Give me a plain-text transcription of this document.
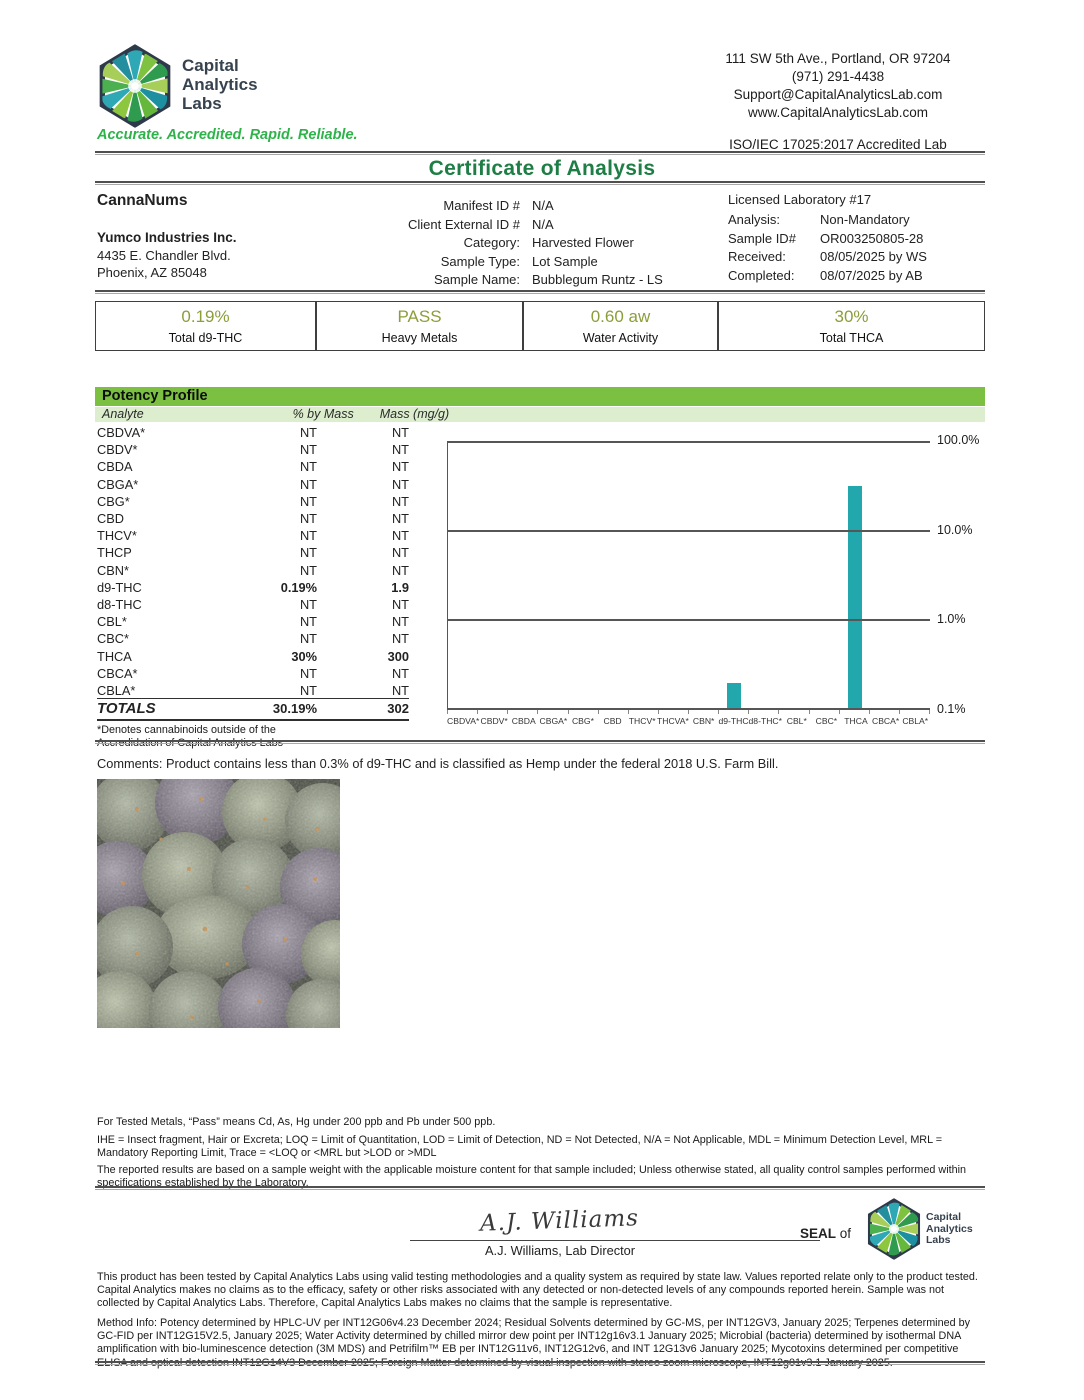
Capital
Analytics
Labs
111 SW 5th Ave., Portland, OR 97204
(971) 291-4438
Support@CapitalAnalyticsLab.com
www.CapitalAnalyticsLab.com
Accurate. Accredited. Rapid. Reliable.
ISO/IEC 17025:2017 Accredited Lab
Certificate of Analysis
CannaNums
Yumco Industries Inc.
4435 E. Chandler Blvd.
Phoenix, AZ 85048
Manifest ID # N/A
Client External ID # N/A
Category: Harvested Flower
Sample Type: Lot Sample
Sample Name: Bubblegum Runtz - LS
Licensed Laboratory #17
Analysis:	Non-Mandatory
Sample ID#	OR003250805-28
Received:	08/05/2025 by WS
Completed:	08/07/2025 by AB
0.19%
Total d9-THC
PASS
Heavy Metals
0.60 aw
Water Activity
30%
Total THCA
Potency Profile
Analyte	% by Mass Mass (mg/g)
CBDVA*	NT	NT
CBDV*	NT	NT
CBDA	NT	NT
CBGA*	NT	NT
CBG*	NT	NT
CBD	NT	NT
THCV*	NT	NT
THCP	NT	NT
CBN*	NT	NT
d9-THC	0.19%	1.9
d8-THC	NT	NT
CBL*	NT	NT
CBC*	NT	NT
THCA	30%	300
CBCA*	NT	NT
CBLA*	NT	NT
TOTALS	30.19%	302
*Denotes cannabinoids outside of the Accredidation of Capital Analytics Labs
100.0%
10.0%
1.0%
0.1%
CBDVA* CBDV* CBDA CBGA* CBG*	CBD THCV* THCVA* CBN* d9-THC d8-THC* CBL*	CBC* THCA CBCA* CBLA*
Comments: Product contains less than 0.3% of d9-THC and is classified as Hemp under the federal 2018 U.S. Farm Bill.
For Tested Metals, “Pass” means Cd, As, Hg under 200 ppb and Pb under 500 ppb.
IHE = Insect fragment, Hair or Excreta; LOQ = Limit of Quantitation, LOD = Limit of Detection, ND = Not Detected, N/A = Not Applicable, MDL = Minimum Detection Level, MRL = Mandatory Reporting Limit, Trace = <LOQ or <MRL but >LOD or >MDL
The reported results are based on a sample weight with the applicable moisture content for that sample included; Unless otherwise stated, all quality control samples performed within specifications established by the Laboratory.
A.J. Williams
A.J. Williams, Lab Director
SEAL of
Capital
Analytics
Labs
This product has been tested by Capital Analytics Labs using valid testing methodologies and a quality system as required by state law. Values reported relate only to the product tested. Capital Analytics makes no claims as to the efficacy, safety or other risks associated with any detected or non-detected levels of any compounds reported herein. Sample was not collected by Capital Analytics Labs. Therefore, Capital Analytics Labs makes no claims that the sample is representative.
Method Info: Potency determined by HPLC-UV per INT12G06v4.23 December 2024; Residual Solvents determined by GC-MS, per INT12GV3, January 2025; Terpenes determined by GC-FID per INT12G15V2.5, January 2025; Water Activity determined by chilled mirror dew point per INT12g16v3.1 January 2025; Microbial (bacteria) determined by isothermal DNA amplification with bio-luminescence detection (3M MDS) and Petrifilm™ EB per INT12G11v6, INT12G12v6, and INT 12G13v6 January 2025; Mycotoxins determined per competitive ELISA and optical detection INT12G14V3 December 2025; Foreign Matter determined by visual inspection with stereo zoom microscope, INT12g01v3.1 January 2025.
